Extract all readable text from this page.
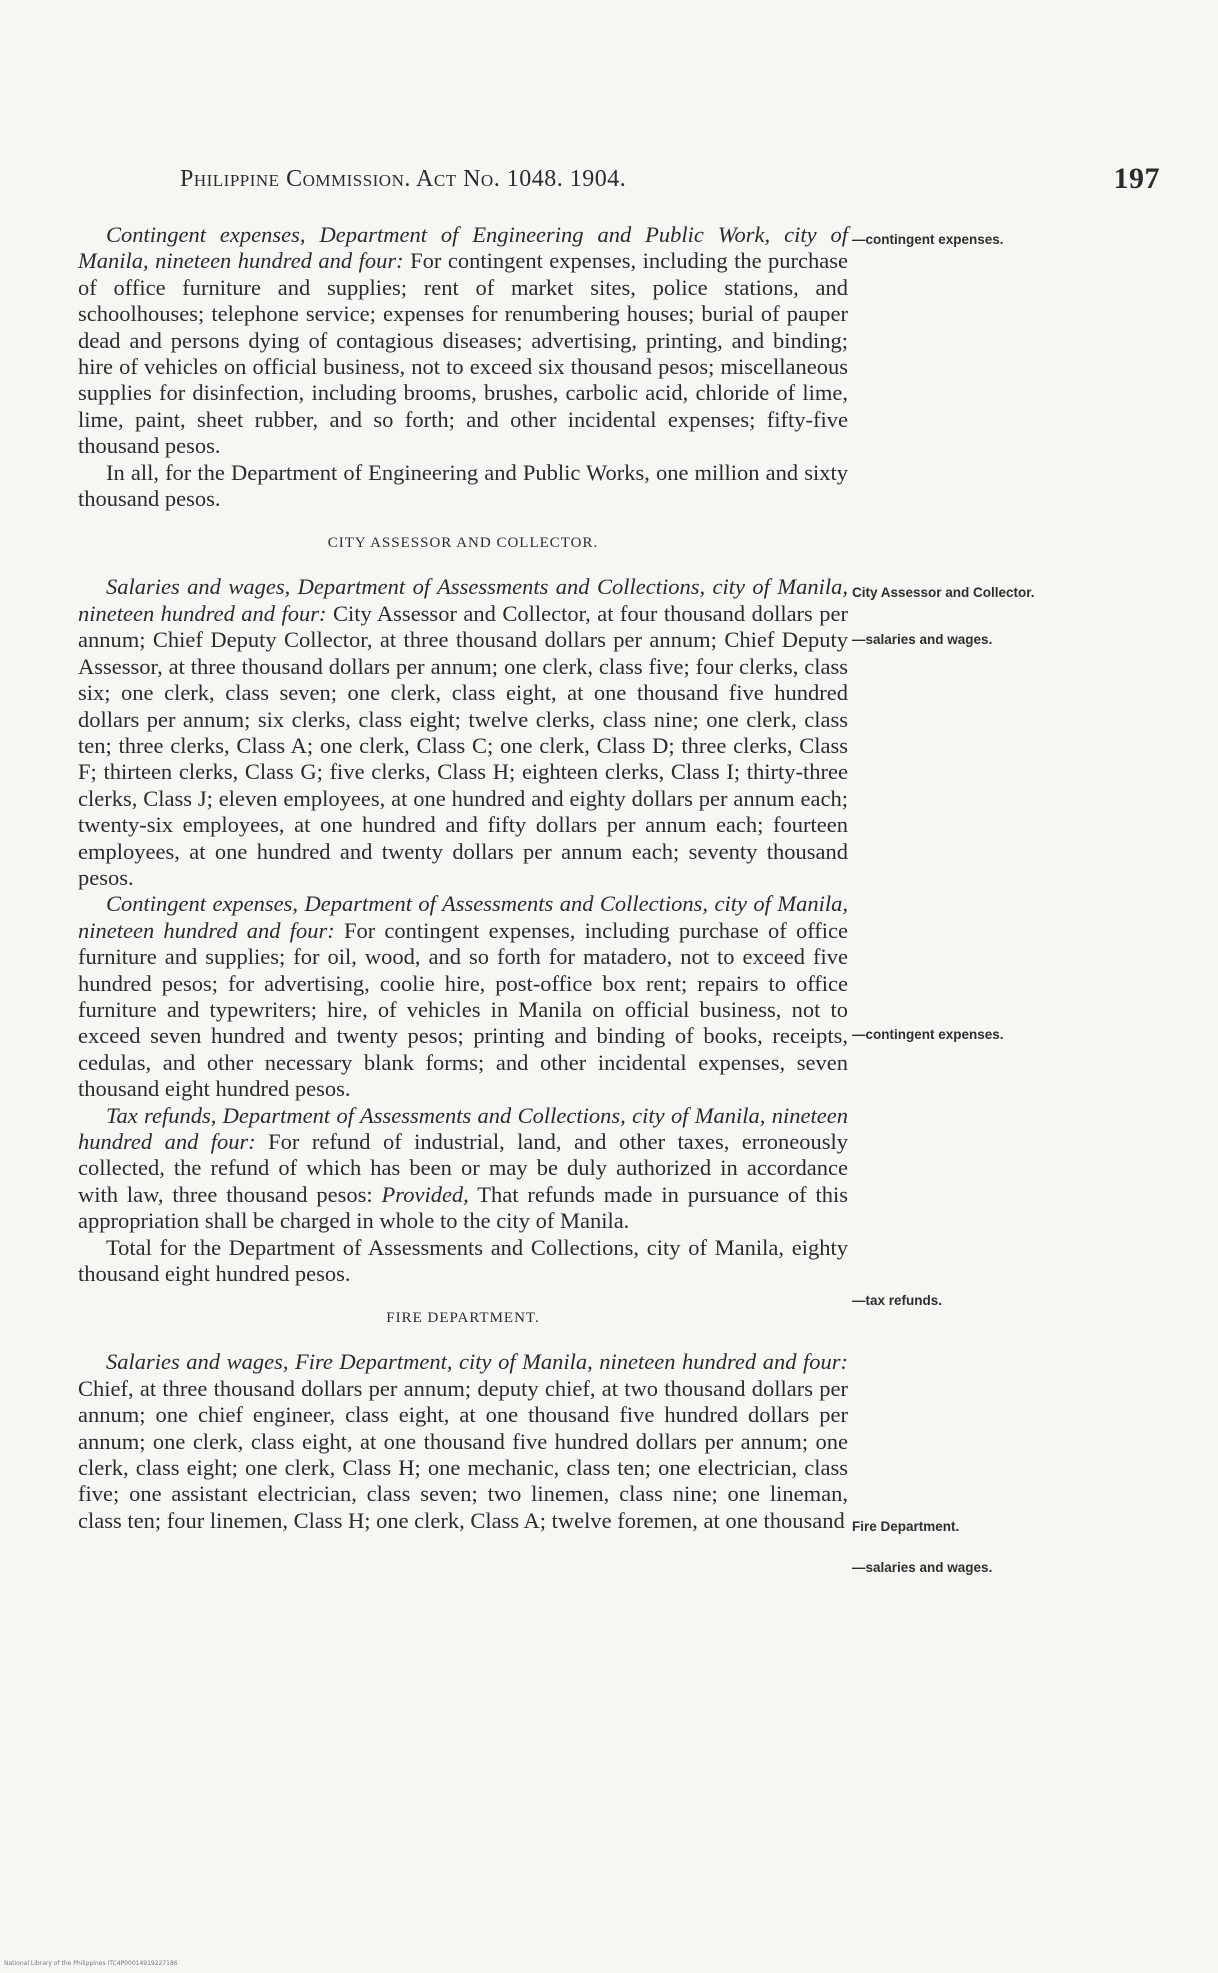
Philippine Commission. Act No. 1048. 1904.	197

Contingent expenses, Department of Engineering and Public Work, city of Manila, nineteen hundred and four: For contingent expenses, including the purchase of office furniture and supplies; rent of market sites, police stations, and schoolhouses; telephone service; expenses for renumbering houses; burial of pauper dead and persons dying of contagious diseases; advertising, printing, and binding; hire of vehicles on official business, not to exceed six thousand pesos; miscellaneous supplies for disinfection, including brooms, brushes, carbolic acid, chloride of lime, lime, paint, sheet rubber, and so forth; and other incidental expenses; fifty-five thousand pesos.

In all, for the Department of Engineering and Public Works, one million and sixty thousand pesos.

CITY ASSESSOR AND COLLECTOR.

Salaries and wages, Department of Assessments and Collections, city of Manila, nineteen hundred and four: City Assessor and Collector, at four thousand dollars per annum; Chief Deputy Collector, at three thousand dollars per annum; Chief Deputy Assessor, at three thousand dollars per annum; one clerk, class five; four clerks, class six; one clerk, class seven; one clerk, class eight, at one thousand five hundred dollars per annum; six clerks, class eight; twelve clerks, class nine; one clerk, class ten; three clerks, Class A; one clerk, Class C; one clerk, Class D; three clerks, Class F; thirteen clerks, Class G; five clerks, Class H; eighteen clerks, Class I; thirty-three clerks, Class J; eleven employees, at one hundred and eighty dollars per annum each; twenty-six employees, at one hundred and fifty dollars per annum each; fourteen employees, at one hundred and twenty dollars per annum each; seventy thousand pesos.

Contingent expenses, Department of Assessments and Collections, city of Manila, nineteen hundred and four: For contingent expenses, including purchase of office furniture and supplies; for oil, wood, and so forth for matadero, not to exceed five hundred pesos; for advertising, coolie hire, post-office box rent; repairs to office furniture and typewriters; hire, of vehicles in Manila on official business, not to exceed seven hundred and twenty pesos; printing and binding of books, receipts, cedulas, and other necessary blank forms; and other incidental expenses, seven thousand eight hundred pesos.

Tax refunds, Department of Assessments and Collections, city of Manila, nineteen hundred and four: For refund of industrial, land, and other taxes, erroneously collected, the refund of which has been or may be duly authorized in accordance with law, three thousand pesos: Provided, That refunds made in pursuance of this appropriation shall be charged in whole to the city of Manila.

Total for the Department of Assessments and Collections, city of Manila, eighty thousand eight hundred pesos.

FIRE DEPARTMENT.

Salaries and wages, Fire Department, city of Manila, nineteen hundred and four: Chief, at three thousand dollars per annum; deputy chief, at two thousand dollars per annum; one chief engineer, class eight, at one thousand five hundred dollars per annum; one clerk, class eight, at one thousand five hundred dollars per annum; one clerk, class eight; one clerk, Class H; one mechanic, class ten; one electrician, class five; one assistant electrician, class seven; two linemen, class nine; one lineman, class ten; four linemen, Class H; one clerk, Class A; twelve foremen, at one thousand

—contingent expenses.
City Assessor and Collector.
—salaries and wages.
—contingent expenses.
—tax refunds.
Fire Department.
—salaries and wages.
National Library of the Philippines ITC4P00014919227186
